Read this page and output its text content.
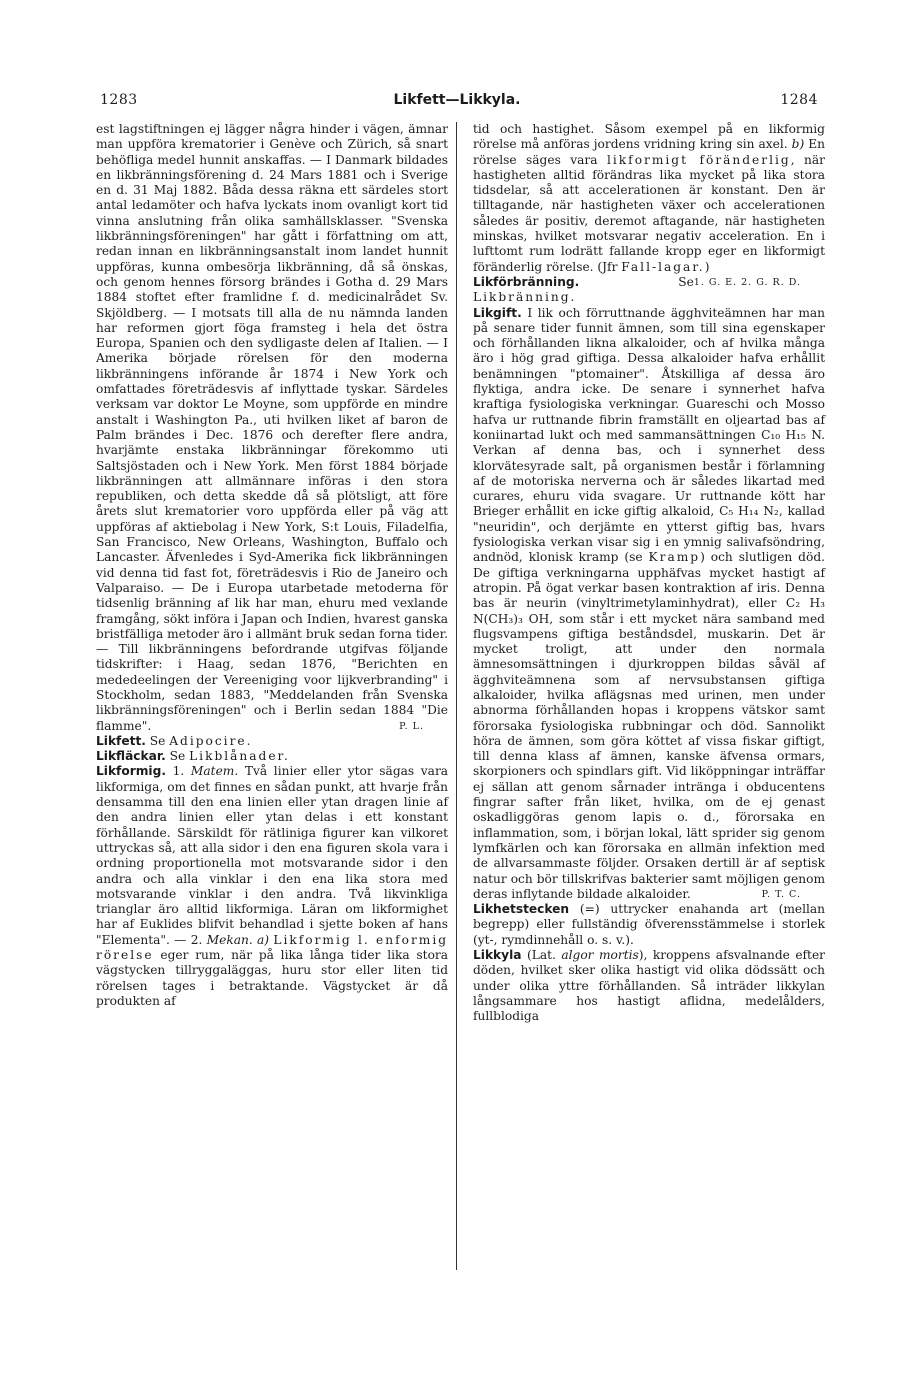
1283	Likfett—Likkyla.	1284

est lagstiftningen ej lägger några hinder i vägen, ämnar man uppföra krematorier i Genève och Zürich, så snart behöfliga medel hunnit anskaffas. — I Danmark bildades en likbränningsförening d. 24 Mars 1881 och i Sverige en d. 31 Maj 1882. Båda dessa räkna ett särdeles stort antal ledamöter och hafva lyckats inom ovanligt kort tid vinna anslutning från olika samhällsklasser. "Svenska likbränningsföreningen" har gått i författning om att, redan innan en likbränningsanstalt inom landet hunnit uppföras, kunna ombesörja likbränning, då så önskas, och genom hennes försorg brändes i Gotha d. 29 Mars 1884 stoftet efter framlidne f. d. medicinalrådet Sv. Skjöldberg. — I motsats till alla de nu nämnda landen har reformen gjort föga framsteg i hela det östra Europa, Spanien och den sydligaste delen af Italien. — I Amerika började rörelsen för den moderna likbränningens införande år 1874 i New York och omfattades företrädesvis af inflyttade tyskar. Särdeles verksam var doktor Le Moyne, som uppförde en mindre anstalt i Washington Pa., uti hvilken liket af baron de Palm brändes i Dec. 1876 och derefter flere andra, hvarjämte enstaka likbränningar förekommo uti Saltsjöstaden och i New York. Men först 1884 började likbränningen att allmännare införas i den stora republiken, och detta skedde då så plötsligt, att före årets slut krematorier voro uppförda eller på väg att uppföras af aktiebolag i New York, S:t Louis, Filadelfia, San Francisco, New Orleans, Washington, Buffalo och Lancaster. Äfvenledes i Syd-Amerika fick likbränningen vid denna tid fast fot, företrädesvis i Rio de Janeiro och Valparaiso. — De i Europa utarbetade metoderna för tidsenlig bränning af lik har man, ehuru med vexlande framgång, sökt införa i Japan och Indien, hvarest ganska bristfälliga metoder äro i allmänt bruk sedan forna tider. — Till likbränningens befordrande utgifvas följande tidskrifter: i Haag, sedan 1876, "Berichten en mededeelingen der Vereeniging voor lijkverbranding" i Stockholm, sedan 1883, "Meddelanden från Svenska likbränningsföreningen" och i Berlin sedan 1884 "Die flamme".	P. L.

Likfett. Se Adipocire.

Likfläckar. Se Likblånader.

Likformig. 1. Matem. Två linier eller ytor sägas vara likformiga, om det finnes en sådan punkt, att hvarje från densamma till den ena linien eller ytan dragen linie af den andra linien eller ytan delas i ett konstant förhållande. Särskildt för rätliniga figurer kan vilkoret uttryckas så, att alla sidor i den ena figuren skola vara i ordning proportionella mot motsvarande sidor i den andra och alla vinklar i den ena lika stora med motsvarande vinklar i den andra. Två likvinkliga trianglar äro alltid likformiga. Läran om likformighet har af Euklides blifvit behandlad i sjette boken af hans "Elementa". — 2. Mekan. a) Likformig l. enformig rörelse eger rum, när på lika långa tider lika stora vägstycken tillryggaläggas, huru stor eller liten tid rörelsen tages i betraktande. Vägstycket är då produkten af

tid och hastighet. Såsom exempel på en likformig rörelse må anföras jordens vridning kring sin axel. b) En rörelse säges vara likformigt föränderlig, när hastigheten alltid förändras lika mycket på lika stora tidsdelar, så att accelerationen är konstant. Den är tilltagande, när hastigheten växer och accelerationen således är positiv, deremot aftagande, när hastigheten minskas, hvilket motsvarar negativ acceleration. En i lufttomt rum lodrätt fallande kropp eger en likformigt föränderlig rörelse. (Jfr Fall-lagar.)
1. G. E. 2. G. R. D.

Likförbränning.	Se Likbränning.

Likgift. I lik och förruttnande ägghviteämnen har man på senare tider funnit ämnen, som till sina egenskaper och förhållanden likna alkaloider, och af hvilka många äro i hög grad giftiga. Dessa alkaloider hafva erhållit benämningen "ptomainer". Åtskilliga af dessa äro flyktiga, andra icke. De senare i synnerhet hafva kraftiga fysiologiska verkningar. Guareschi och Mosso hafva ur ruttnande fibrin framställt en oljeartad bas af koniinartad lukt och med sammansättningen C₁₀ H₁₅ N. Verkan af denna bas, och i synnerhet dess klorvätesyrade salt, på organismen består i förlamning af de motoriska nerverna och är således likartad med curares, ehuru vida svagare. Ur ruttnande kött har Brieger erhållit en icke giftig alkaloid, C₅ H₁₄ N₂, kallad "neuridin", och derjämte en ytterst giftig bas, hvars fysiologiska verkan visar sig i en ymnig salivafsöndring, andnöd, klonisk kramp (se Kramp) och slutligen död. De giftiga verkningarna upphäfvas mycket hastigt af atropin. På ögat verkar basen kontraktion af iris. Denna bas är neurin (vinyltrimetylaminhydrat), eller C₂ H₃ N(CH₃)₃ OH, som står i ett mycket nära samband med flugsvampens giftiga beståndsdel, muskarin. Det är mycket troligt, att under den normala ämnesomsättningen i djurkroppen bildas såväl af ägghviteämnena som af nervsubstansen giftiga alkaloider, hvilka aflägsnas med urinen, men under abnorma förhållanden hopas i kroppens vätskor samt förorsaka fysiologiska rubbningar och död. Sannolikt höra de ämnen, som göra köttet af vissa fiskar giftigt, till denna klass af ämnen, kanske äfvensa ormars, skorpioners och spindlars gift. Vid liköppningar inträffar ej sällan att genom sårnader inträngа i obducentens fingrar safter från liket, hvilka, om de ej genast oskadliggöras genom lapis o. d., förorsaka en inflammation, som, i början lokal, lätt sprider sig genom lymfkärlen och kan förorsaka en allmän infektion med de allvarsammaste följder. Orsaken dertill är af septisk natur och bör tillskrifvas bakterier samt möjligen genom deras inflytande bildade alkaloider.	P. T. C.

Likhetstecken (=) uttrycker enahanda art (mellan begrepp) eller fullständig öfverensstämmelse i storlek (yt-, rymdinnehåll o. s. v.).

Likkyla (Lat. algor mortis), kroppens afsvalnande efter döden, hvilket sker olika hastigt vid olika dödssätt och under olika yttre förhållanden. Så inträder likkylan långsammare hos hastigt aflidna, medelålders, fullblodiga
